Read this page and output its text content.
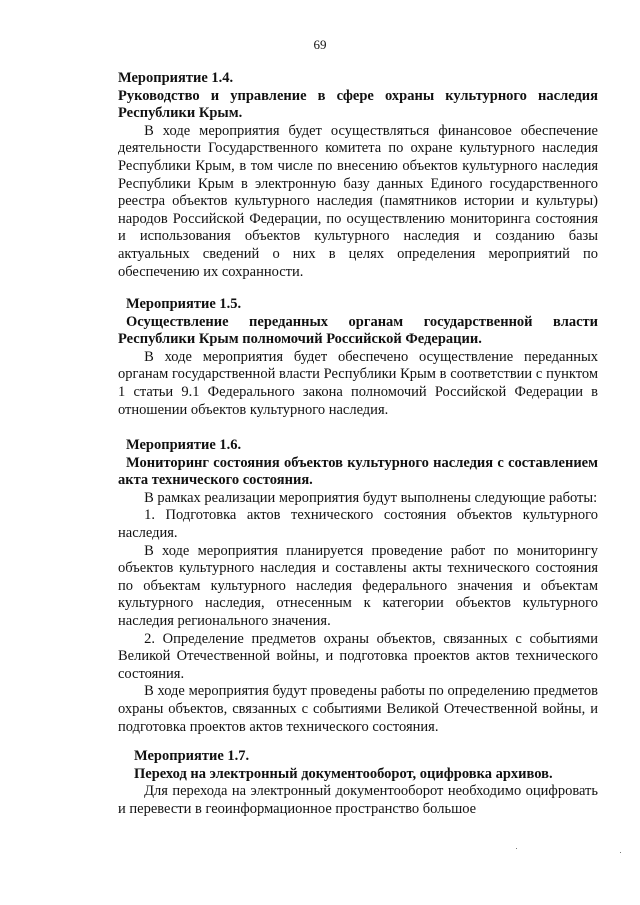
69
Мероприятие 1.4.
Руководство и управление в сфере охраны культурного наследия Республики Крым.
В ходе мероприятия будет осуществляться финансовое обеспечение деятельности Государственного комитета по охране культурного наследия Республики Крым, в том числе по внесению объектов культурного наследия Республики Крым в электронную базу данных Единого государственного реестра объектов культурного наследия (памятников истории и культуры) народов Российской Федерации, по осуществлению мониторинга состояния и использования объектов культурного наследия и созданию базы актуальных сведений о них в целях определения мероприятий по обеспечению их сохранности.
Мероприятие 1.5.
Осуществление переданных органам государственной власти Республики Крым полномочий Российской Федерации.
В ходе мероприятия будет обеспечено осуществление переданных органам государственной власти Республики Крым в соответствии с пунктом 1 статьи 9.1 Федерального закона полномочий Российской Федерации в отношении объектов культурного наследия.
Мероприятие 1.6.
Мониторинг состояния объектов культурного наследия с составлением акта технического состояния.
В рамках реализации мероприятия будут выполнены следующие работы:
1. Подготовка актов технического состояния объектов культурного наследия.
В ходе мероприятия планируется проведение работ по мониторингу объектов культурного наследия и составлены акты технического состояния по объектам культурного наследия федерального значения и объектам культурного наследия, отнесенным к категории объектов культурного наследия регионального значения.
2. Определение предметов охраны объектов, связанных с событиями Великой Отечественной войны, и подготовка проектов актов технического состояния.
В ходе мероприятия будут проведены работы по определению предметов охраны объектов, связанных с событиями Великой Отечественной войны, и подготовка проектов актов технического состояния.
Мероприятие 1.7.
Переход на электронный документооборот, оцифровка архивов.
Для перехода на электронный документооборот необходимо оцифровать и перевести в геоинформационное пространство большое
